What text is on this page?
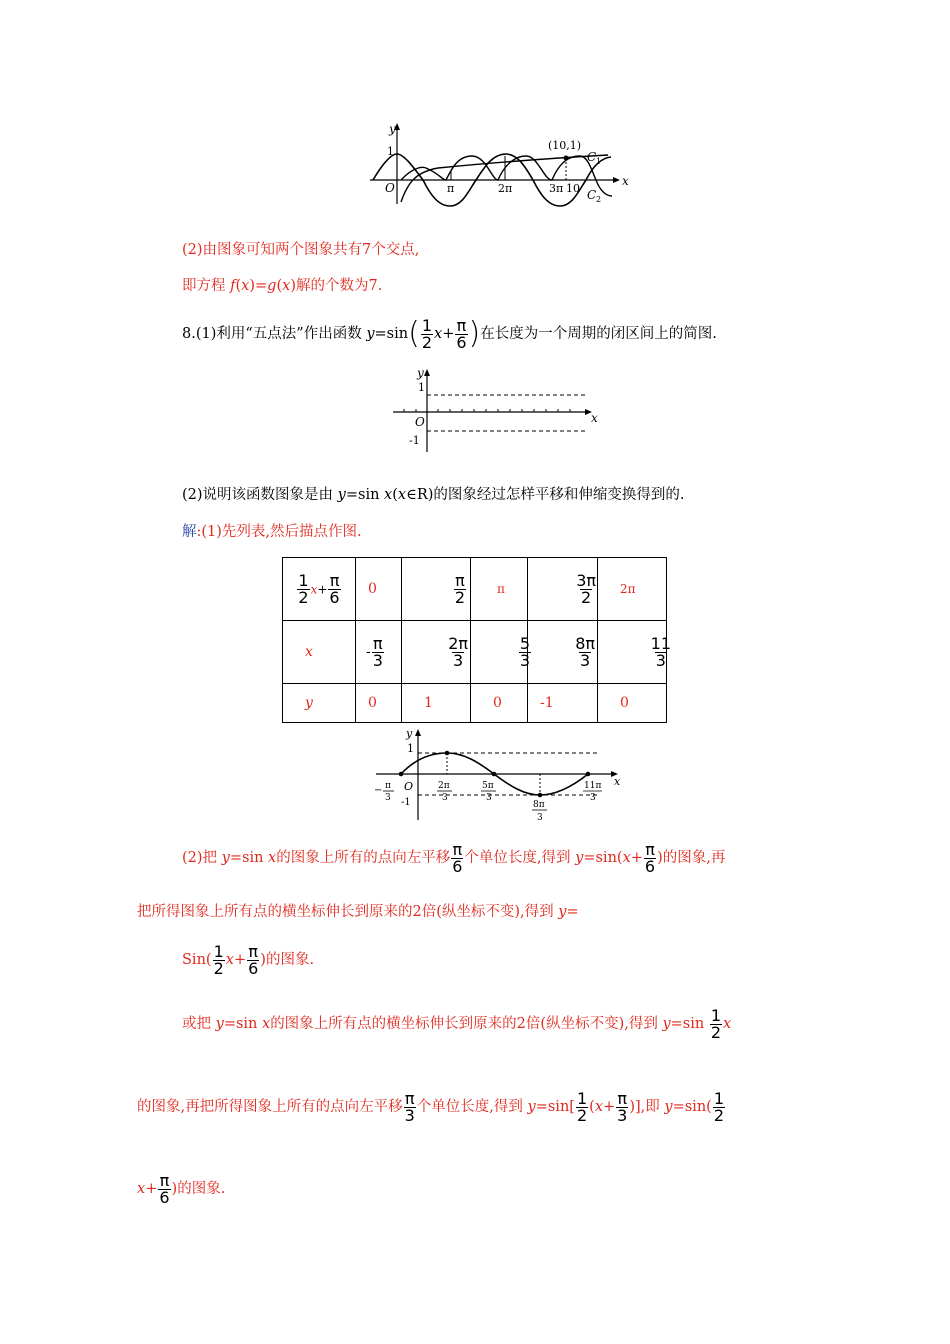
y
x
1
O	π	2π	3π 10
(10,1)
C 1
C 2
(2)由图象可知两个图象共有7个交点,
即方程 f(x)=g(x)解的个数为7.
8.(1)利用“五点法”作出函数 $y=\sin( \frac{1}{2} x+ \frac{\pi}{6}$ )在长度为一个周期的闭区间上的简图.
y
x
1
O
-1
(2)说明该函数图象是由 y=sin x(x∈R)的图象经过怎样平移和伸缩变换得到的.
解:(1)先列表,然后描点作图.
$\frac{1}{2} x+ \frac{\pi}{6}$	0	$\frac{\pi}{2}$	π	$\frac{3\pi}{2}$	2π
x	- $\frac{\pi}{3}$	$\frac{2\pi}{3}$	$\frac{5}{3}$	$\frac{8\pi}{3}$	$\frac{11}{3}$

y	0	1	0	-1	0
y
x
1
O
-1
− π
3
2π
3
5π
3
8π
3
11π
3
(2)把 y=sin x的图象上所有的点向左平移 $\frac{\pi}{6}$ 个单位长度,得到 $y=\sin(x+ \frac{\pi}{6}$ )的图象,再
把所得图象上所有点的横坐标伸长到原来的2倍(纵坐标不变),得到 y=
$Sin( \frac{1}{2} x+ \frac{\pi}{6}$ )的图象.
或把 y=sin x的图象上所有点的横坐标伸长到原来的2倍(纵坐标不变),得到 $y=\sin \frac{1}{2}$ x
的图象,再把所得图象上所有的点向左平移 $\frac{\pi}{3}$ 个单位长度,得到 $y=\sin[ \frac{1}{2} (x+ \frac{\pi}{3}$ )],即 $y=\sin( \frac{1}{2}$
$x+ \frac{\pi}{6}$ )的图象.
